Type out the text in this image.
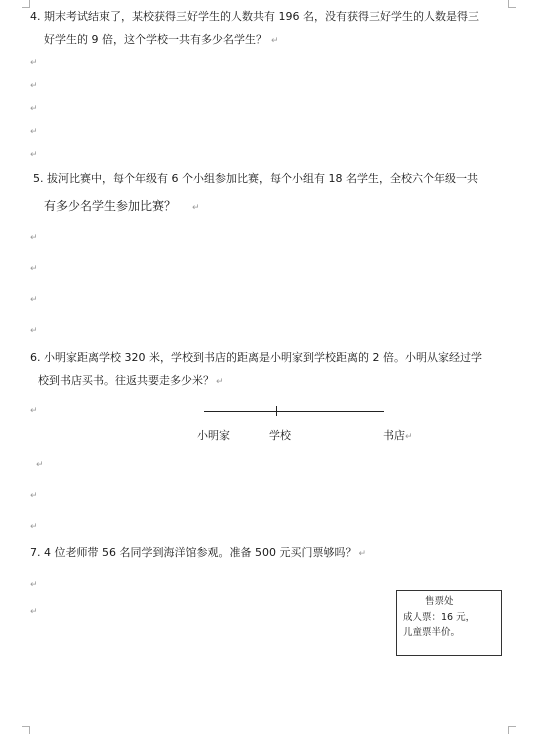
4. 期末考试结束了，某校获得三好学生的人数共有 196 名，没有获得三好学生的人数是得三
好学生的 9 倍，这个学校一共有多少名学生？ ↵
↵
↵
↵
↵
↵
5. 拔河比赛中，每个年级有 6 个小组参加比赛，每个小组有 18 名学生，全校六个年级一共
有多少名学生参加比赛？ ↵
↵
↵
↵
↵
6. 小明家距离学校 320 米，学校到书店的距离是小明家到学校距离的 2 倍。小明从家经过学
校到书店买书。往返共要走多少米？ ↵
↵
小明家	学校	书店↵
↵
↵
↵
7. 4 位老师带 56 名同学到海洋馆参观。准备 500 元买门票够吗？ ↵
↵
↵
售票处
成人票：16 元，
儿童票半价。
